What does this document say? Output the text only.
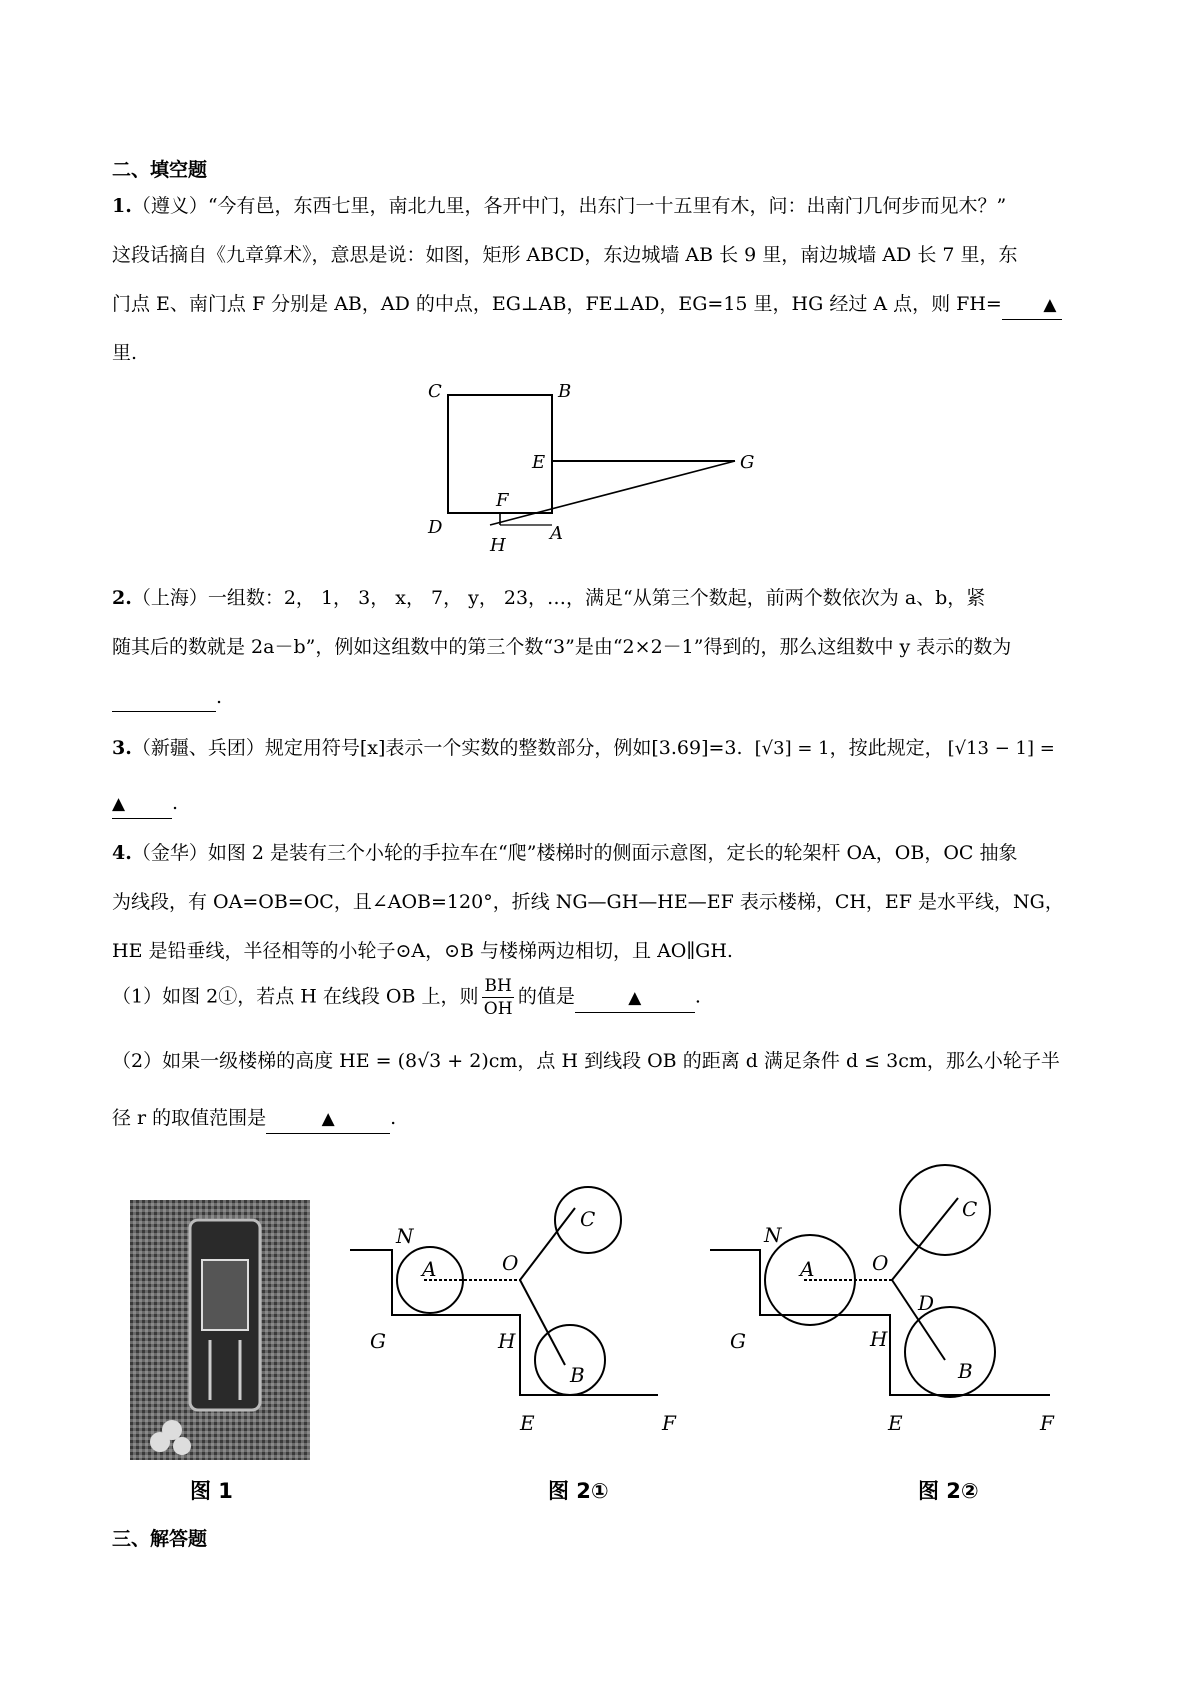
二、填空题
1.（遵义）“今有邑，东西七里，南北九里，各开中门，出东门一十五里有木，问：出南门几何步而见木？”
这段话摘自《九章算术》，意思是说：如图，矩形 ABCD，东边城墙 AB 长 9 里，南边城墙 AD 长 7 里，东
门点 E、南门点 F 分别是 AB，AD 的中点，EG⊥AB，FE⊥AD，EG=15 里，HG 经过 A 点，则 FH= ▲
里.
C	B
E	G
F
D	A
H
2.（上海）一组数：2， 1， 3， x， 7， y， 23，…，满足“从第三个数起，前两个数依次为 a、b，紧
随其后的数就是 2a－b”，例如这组数中的第三个数“3”是由“2×2－1”得到的，那么这组数中 y 表示的数为
.
3.（新疆、兵团）规定用符号[x]表示一个实数的整数部分，例如[3.69]=3. [√3] = 1，按此规定， [√13 − 1] =
▲ .
4.（金华）如图 2 是装有三个小轮的手拉车在“爬”楼梯时的侧面示意图，定长的轮架杆 OA，OB，OC 抽象
为线段，有 OA=OB=OC，且∠AOB=120°，折线 NG—GH—HE—EF 表示楼梯，CH，EF 是水平线，NG，
HE 是铅垂线，半径相等的小轮子⊙A，⊙B 与楼梯两边相切，且 AO∥GH.
（1）如图 2①，若点 H 在线段 OB 上，则 $\frac{BH}{OH}$ 的值是	▲	.
（2）如果一级楼梯的高度 HE = (8√3 + 2)cm，点 H 到线段 OB 的距离 d 满足条件 d ≤ 3cm，那么小轮子半
径 r 的取值范围是	▲	.
图 1
N
A	O
C
G	H
B
E	F
图 2①
N
A	O
C
D
G	H
B
E	F
图 2②
三、解答题
